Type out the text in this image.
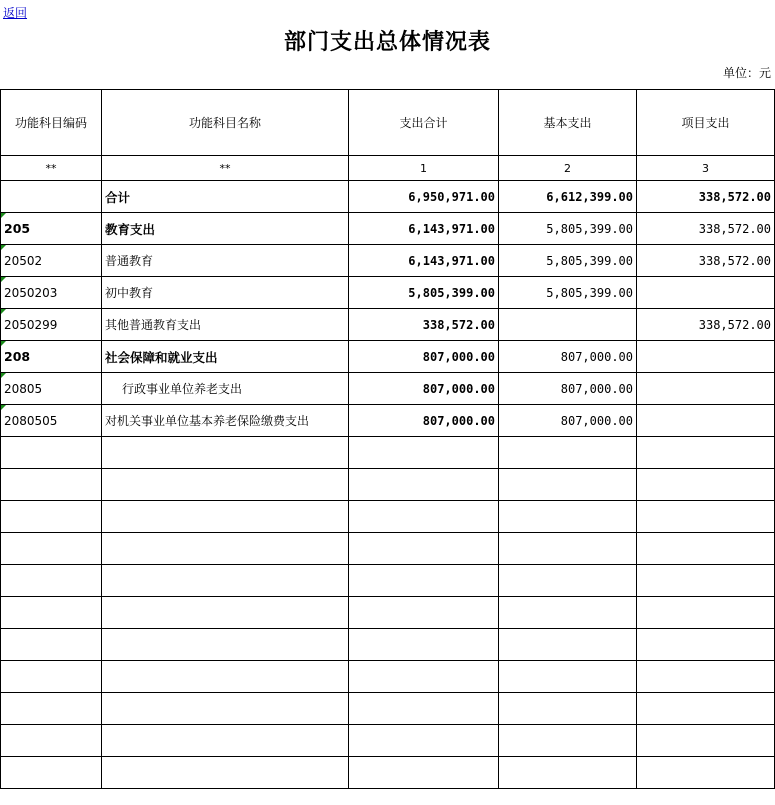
返回
部门支出总体情况表
单位：元
功能科目编码	功能科目名称	支出合计	基本支出	项目支出
**	**	1	2	3
	合计	6,950,971.00	6,612,399.00	338,572.00

205	教育支出	6,143,971.00	5,805,399.00	338,572.00

20502	普通教育	6,143,971.00	5,805,399.00	338,572.00

2050203	初中教育	5,805,399.00	5,805,399.00	

2050299	其他普通教育支出	338,572.00		338,572.00

208	社会保障和就业支出	807,000.00	807,000.00	

20805	行政事业单位养老支出	807,000.00	807,000.00	

2080505	对机关事业单位基本养老保险缴费支出	807,000.00	807,000.00	
